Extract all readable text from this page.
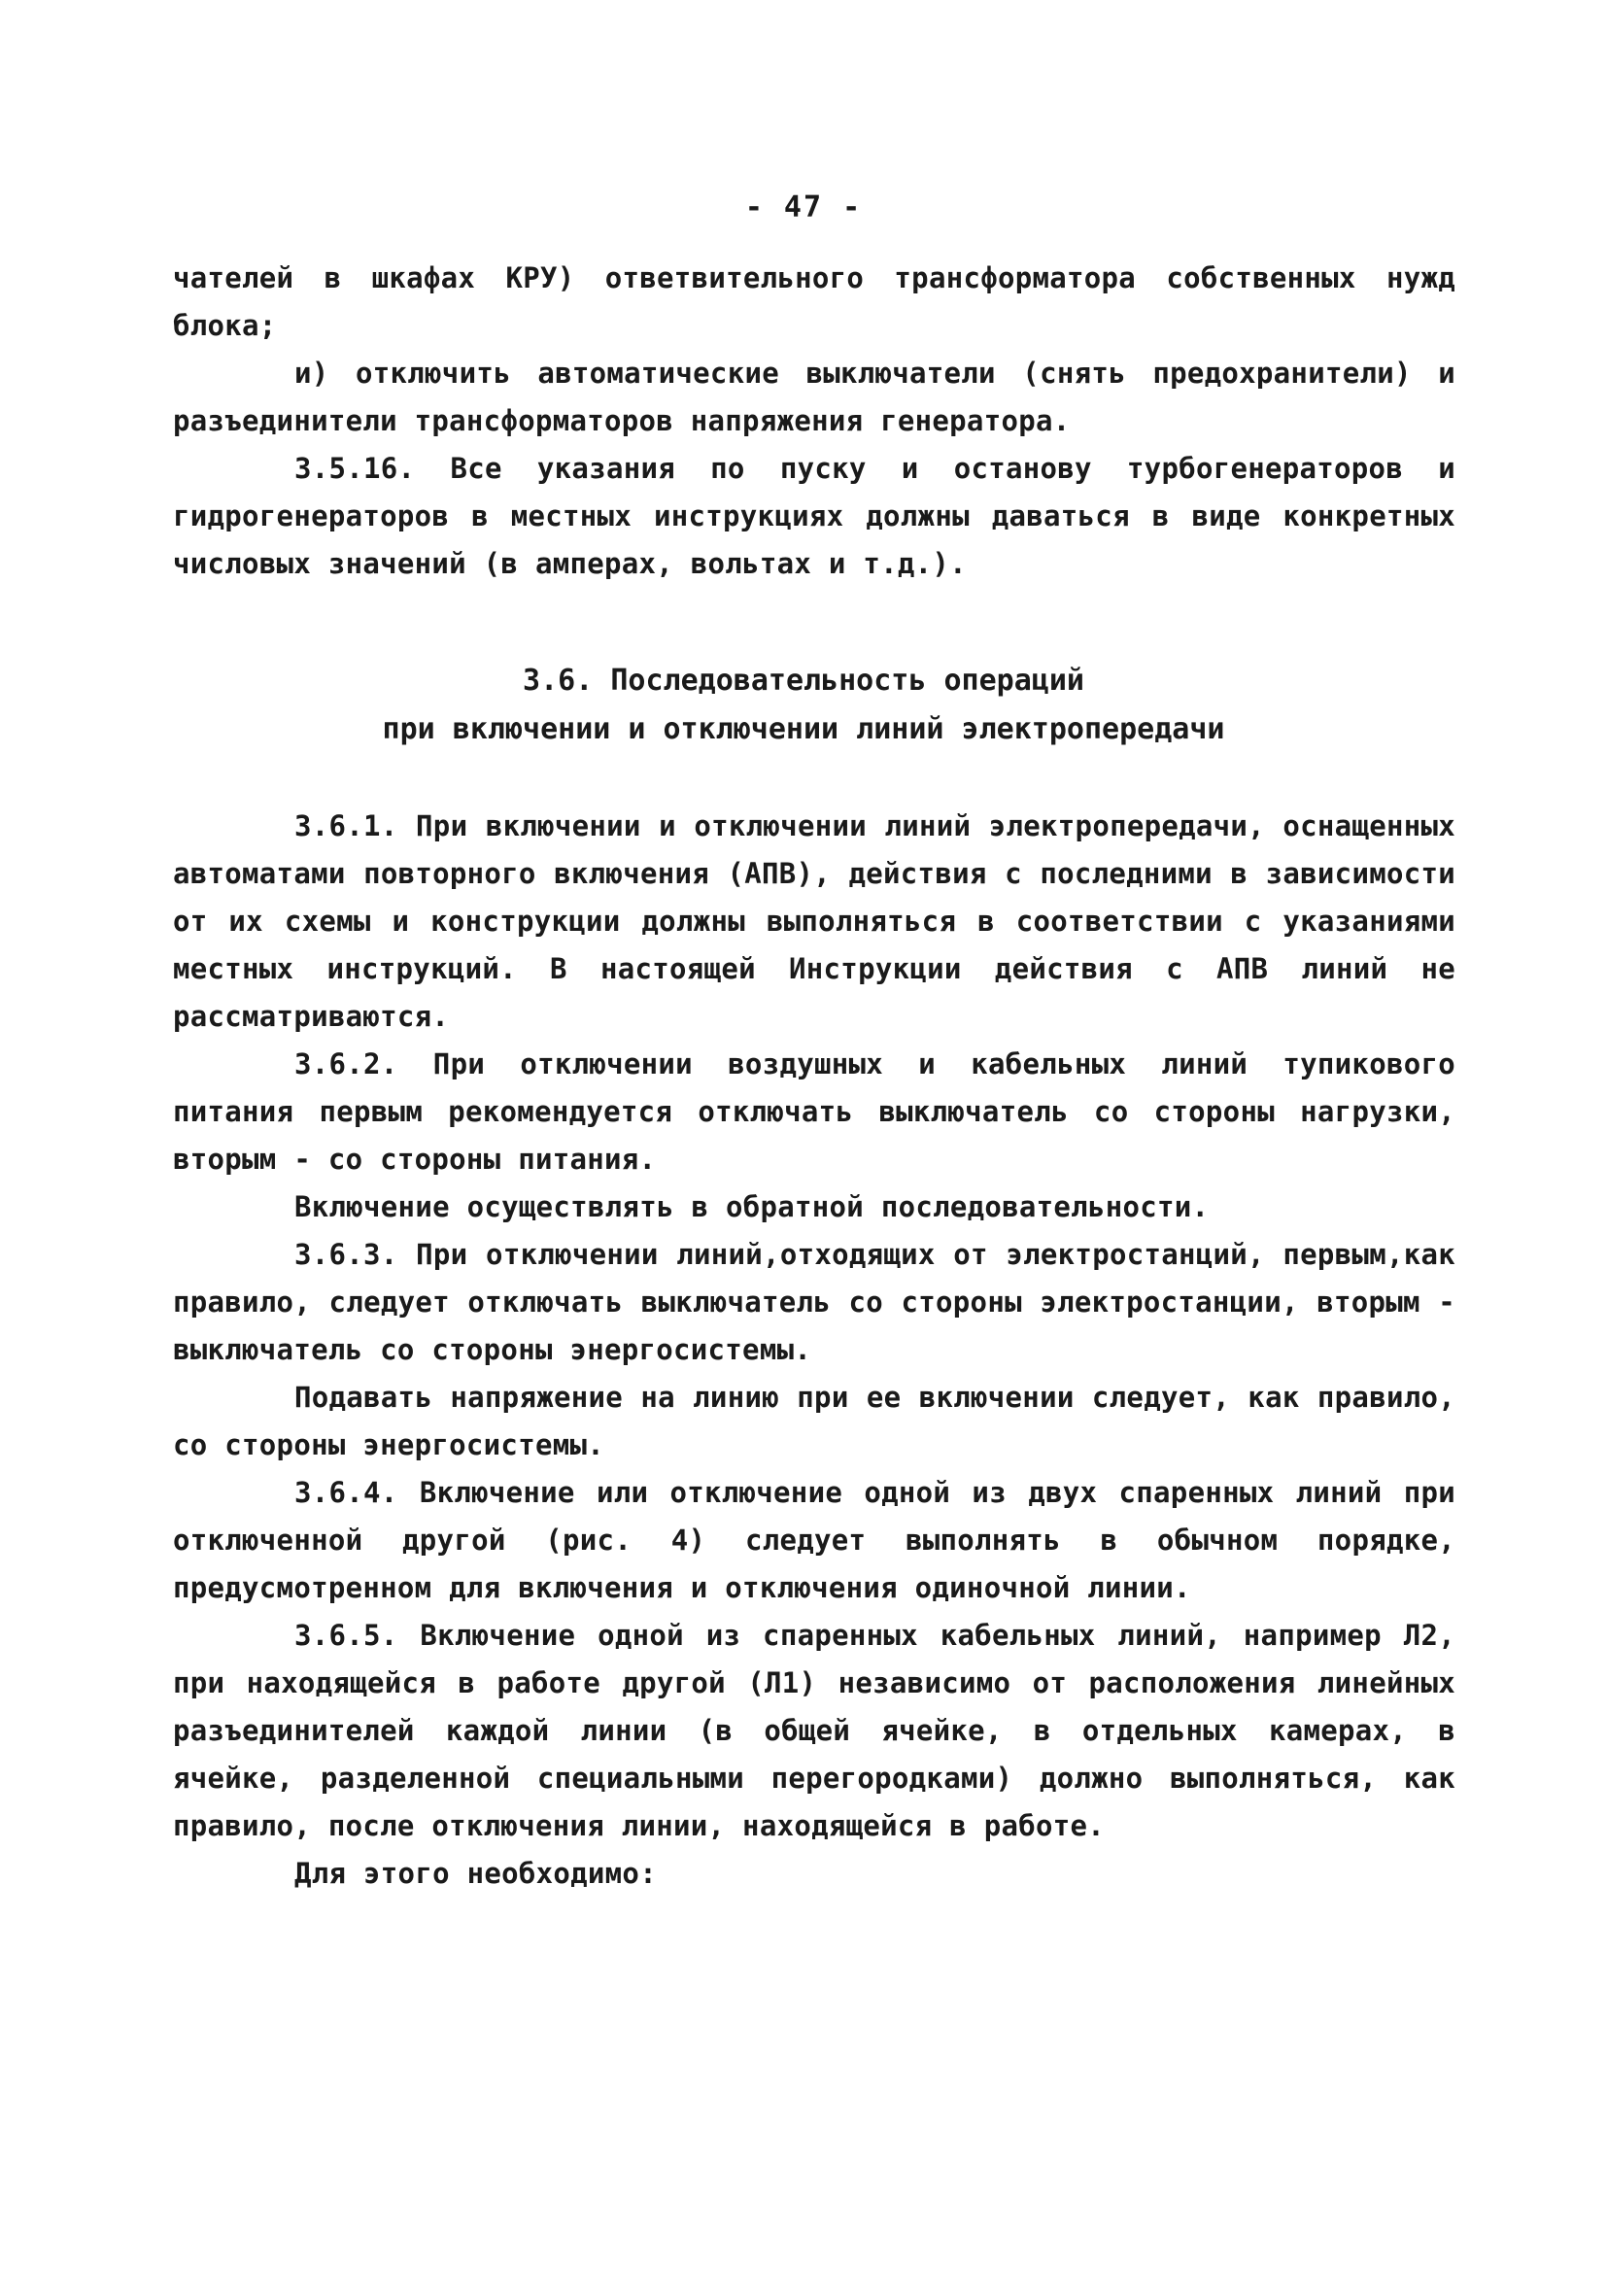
- 47 -

чателей в шкафах КРУ) ответвительного трансформатора собственных нужд блока;

и) отключить автоматические выключатели (снять предохранители) и разъединители трансформаторов напряжения генератора.

3.5.16. Все указания по пуску и останову турбогенераторов и гидрогенераторов в местных инструкциях должны даваться в виде конкретных числовых значений (в амперах, вольтах и т.д.).

3.6. Последовательность операций
при включении и отключении линий электропередачи

3.6.1. При включении и отключении линий электропередачи, оснащенных автоматами повторного включения (АПВ), действия с последними в зависимости от их схемы и конструкции должны выполняться в соответствии с указаниями местных инструкций. В настоящей Инструкции действия с АПВ линий не рассматриваются.

3.6.2. При отключении воздушных и кабельных линий тупикового питания первым рекомендуется отключать выключатель со стороны нагрузки, вторым - со стороны питания.

Включение осуществлять в обратной последовательности.

3.6.3. При отключении линий,отходящих от электростанций, первым,как правило, следует отключать выключатель со стороны электростанции, вторым - выключатель со стороны энергосистемы.

Подавать напряжение на линию при ее включении следует, как правило, со стороны энергосистемы.

3.6.4. Включение или отключение одной из двух спаренных линий при отключенной другой (рис. 4) следует выполнять в обычном порядке, предусмотренном для включения и отключения одиночной линии.

3.6.5. Включение одной из спаренных кабельных линий, например Л2, при находящейся в работе другой (Л1) независимо от расположения линейных разъединителей каждой линии (в общей ячейке, в отдельных камерах, в ячейке, разделенной специальными перегородками) должно выполняться, как правило, после отключения линии, находящейся в работе.

Для этого необходимо:
